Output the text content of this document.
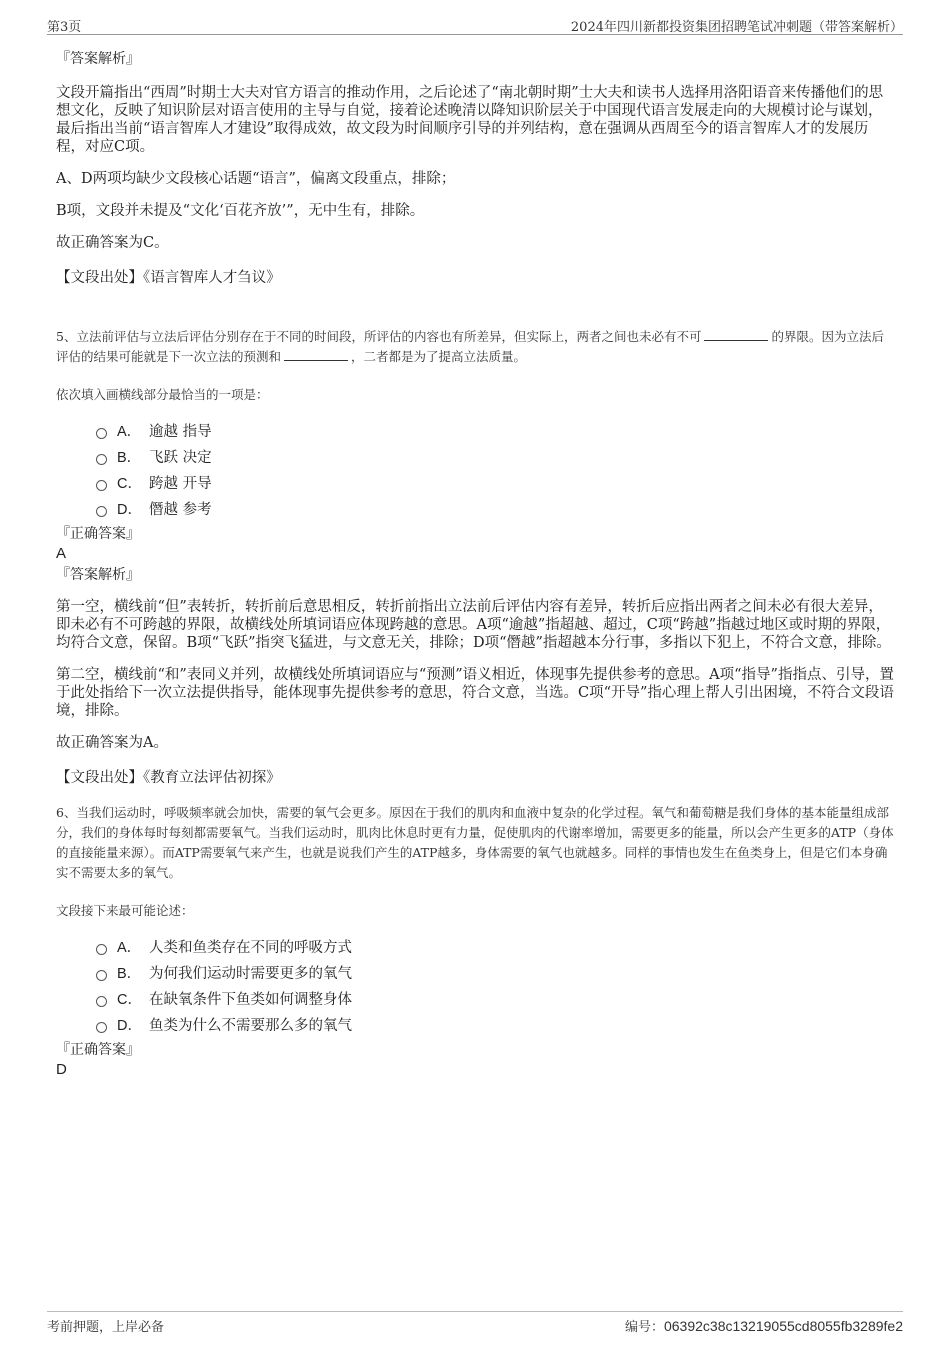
第3页	2024年四川新都投资集团招聘笔试冲刺题（带答案解析）

『答案解析』

文段开篇指出“西周”时期士大夫对官方语言的推动作用，之后论述了“南北朝时期”士大夫和读书人选择用洛阳语音来传播他们的思想文化，反映了知识阶层对语言使用的主导与自觉，接着论述晚清以降知识阶层关于中国现代语言发展走向的大规模讨论与谋划，最后指出当前“语言智库人才建设”取得成效，故文段为时间顺序引导的并列结构，意在强调从西周至今的语言智库人才的发展历程，对应C项。

A、D两项均缺少文段核心话题“语言”，偏离文段重点，排除；

B项，文段并未提及“文化‘百花齐放’”，无中生有，排除。

故正确答案为C。

【文段出处】《语言智库人才刍议》

5、立法前评估与立法后评估分别存在于不同的时间段，所评估的内容也有所差异，但实际上，两者之间也未必有不可	的界限。因为立法后评估的结果可能就是下一次立法的预测和	，二者都是为了提高立法质量。

依次填入画横线部分最恰当的一项是：

A． 逾越 指导
B． 飞跃 决定
C． 跨越 开导
D． 僭越 参考

『正确答案』

A

『答案解析』

第一空，横线前“但”表转折，转折前后意思相反，转折前指出立法前后评估内容有差异，转折后应指出两者之间未必有很大差异，即未必有不可跨越的界限，故横线处所填词语应体现跨越的意思。A项“逾越”指超越、超过，C项“跨越”指越过地区或时期的界限，均符合文意，保留。B项“飞跃”指突飞猛进，与文意无关，排除；D项“僭越”指超越本分行事，多指以下犯上，不符合文意，排除。

第二空，横线前“和”表同义并列，故横线处所填词语应与“预测”语义相近，体现事先提供参考的意思。A项“指导”指指点、引导，置于此处指给下一次立法提供指导，能体现事先提供参考的意思，符合文意，当选。C项“开导”指心理上帮人引出困境，不符合文段语境，排除。

故正确答案为A。

【文段出处】《教育立法评估初探》

6、当我们运动时，呼吸频率就会加快，需要的氧气会更多。原因在于我们的肌肉和血液中复杂的化学过程。氧气和葡萄糖是我们身体的基本能量组成部分，我们的身体每时每刻都需要氧气。当我们运动时，肌肉比休息时更有力量，促使肌肉的代谢率增加，需要更多的能量，所以会产生更多的ATP（身体的直接能量来源）。而ATP需要氧气来产生，也就是说我们产生的ATP越多，身体需要的氧气也就越多。同样的事情也发生在鱼类身上，但是它们本身确实不需要太多的氧气。

文段接下来最可能论述：

A． 人类和鱼类存在不同的呼吸方式
B． 为何我们运动时需要更多的氧气
C． 在缺氧条件下鱼类如何调整身体
D． 鱼类为什么不需要那么多的氧气

『正确答案』

D

考前押题，上岸必备	编号：06392c38c13219055cd8055fb3289fe2
